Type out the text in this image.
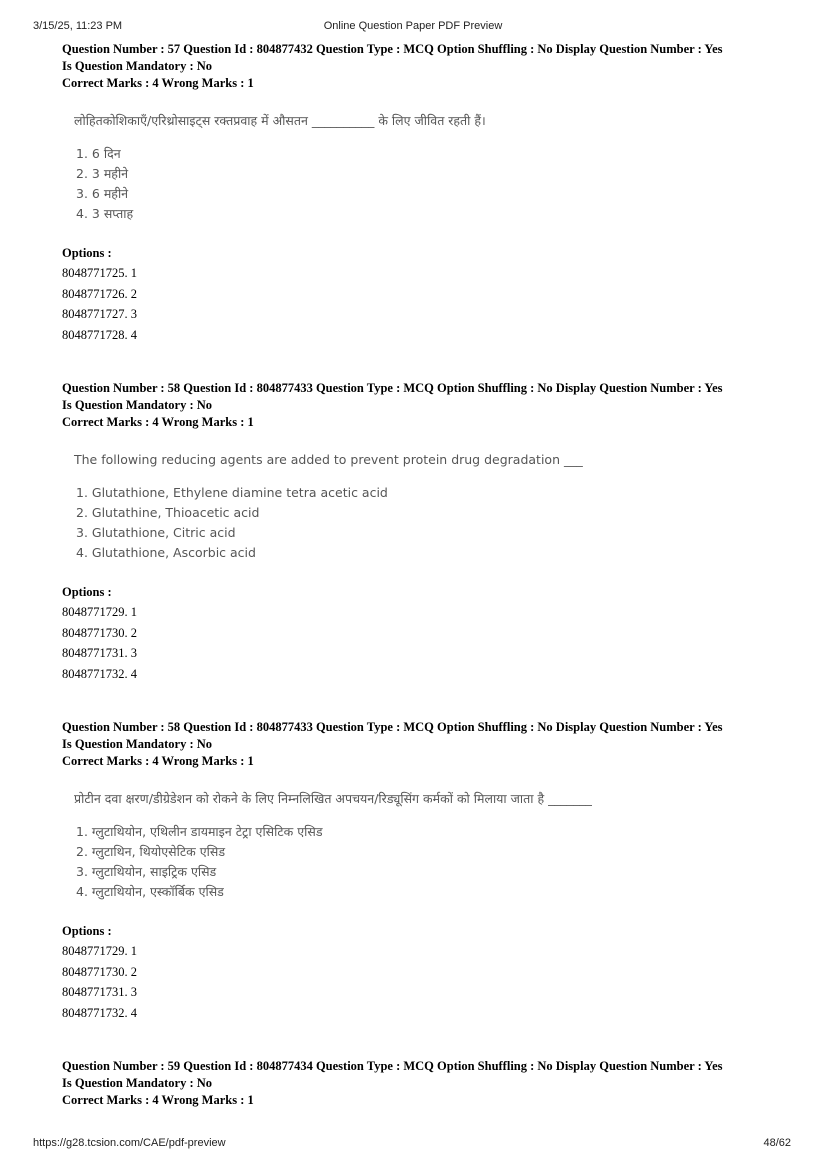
3/15/25, 11:23 PM	Online Question Paper PDF Preview
Question Number : 57 Question Id : 804877432 Question Type : MCQ Option Shuffling : No Display Question Number : Yes
Is Question Mandatory : No
Correct Marks : 4 Wrong Marks : 1
लोहितकोशिकाएँ/एरिथ्रोसाइट्स रक्तप्रवाह में औसतन __________ के लिए जीवित रहती हैं।
1. 6 दिन
2. 3 महीने
3. 6 महीने
4. 3 सप्ताह
Options :
8048771725. 1
8048771726. 2
8048771727. 3
8048771728. 4
Question Number : 58 Question Id : 804877433 Question Type : MCQ Option Shuffling : No Display Question Number : Yes
Is Question Mandatory : No
Correct Marks : 4 Wrong Marks : 1
The following reducing agents are added to prevent protein drug degradation ___
1. Glutathione, Ethylene diamine tetra acetic acid
2. Glutathine, Thioacetic acid
3. Glutathione, Citric acid
4. Glutathione, Ascorbic acid
Options :
8048771729. 1
8048771730. 2
8048771731. 3
8048771732. 4
Question Number : 58 Question Id : 804877433 Question Type : MCQ Option Shuffling : No Display Question Number : Yes
Is Question Mandatory : No
Correct Marks : 4 Wrong Marks : 1
प्रोटीन दवा क्षरण/डीग्रेडेशन को रोकने के लिए निम्नलिखित अपचयन/रिड्यूसिंग कर्मकों को मिलाया जाता है _______
1. ग्लुटाथियोन, एथिलीन डायमाइन टेट्रा एसिटिक एसिड
2. ग्लुटाथिन, थियोएसेटिक एसिड
3. ग्लुटाथियोन, साइट्रिक एसिड
4. ग्लुटाथियोन, एस्कॉर्बिक एसिड
Options :
8048771729. 1
8048771730. 2
8048771731. 3
8048771732. 4
Question Number : 59 Question Id : 804877434 Question Type : MCQ Option Shuffling : No Display Question Number : Yes
Is Question Mandatory : No
Correct Marks : 4 Wrong Marks : 1
https://g28.tcsion.com/CAE/pdf-preview	48/62
